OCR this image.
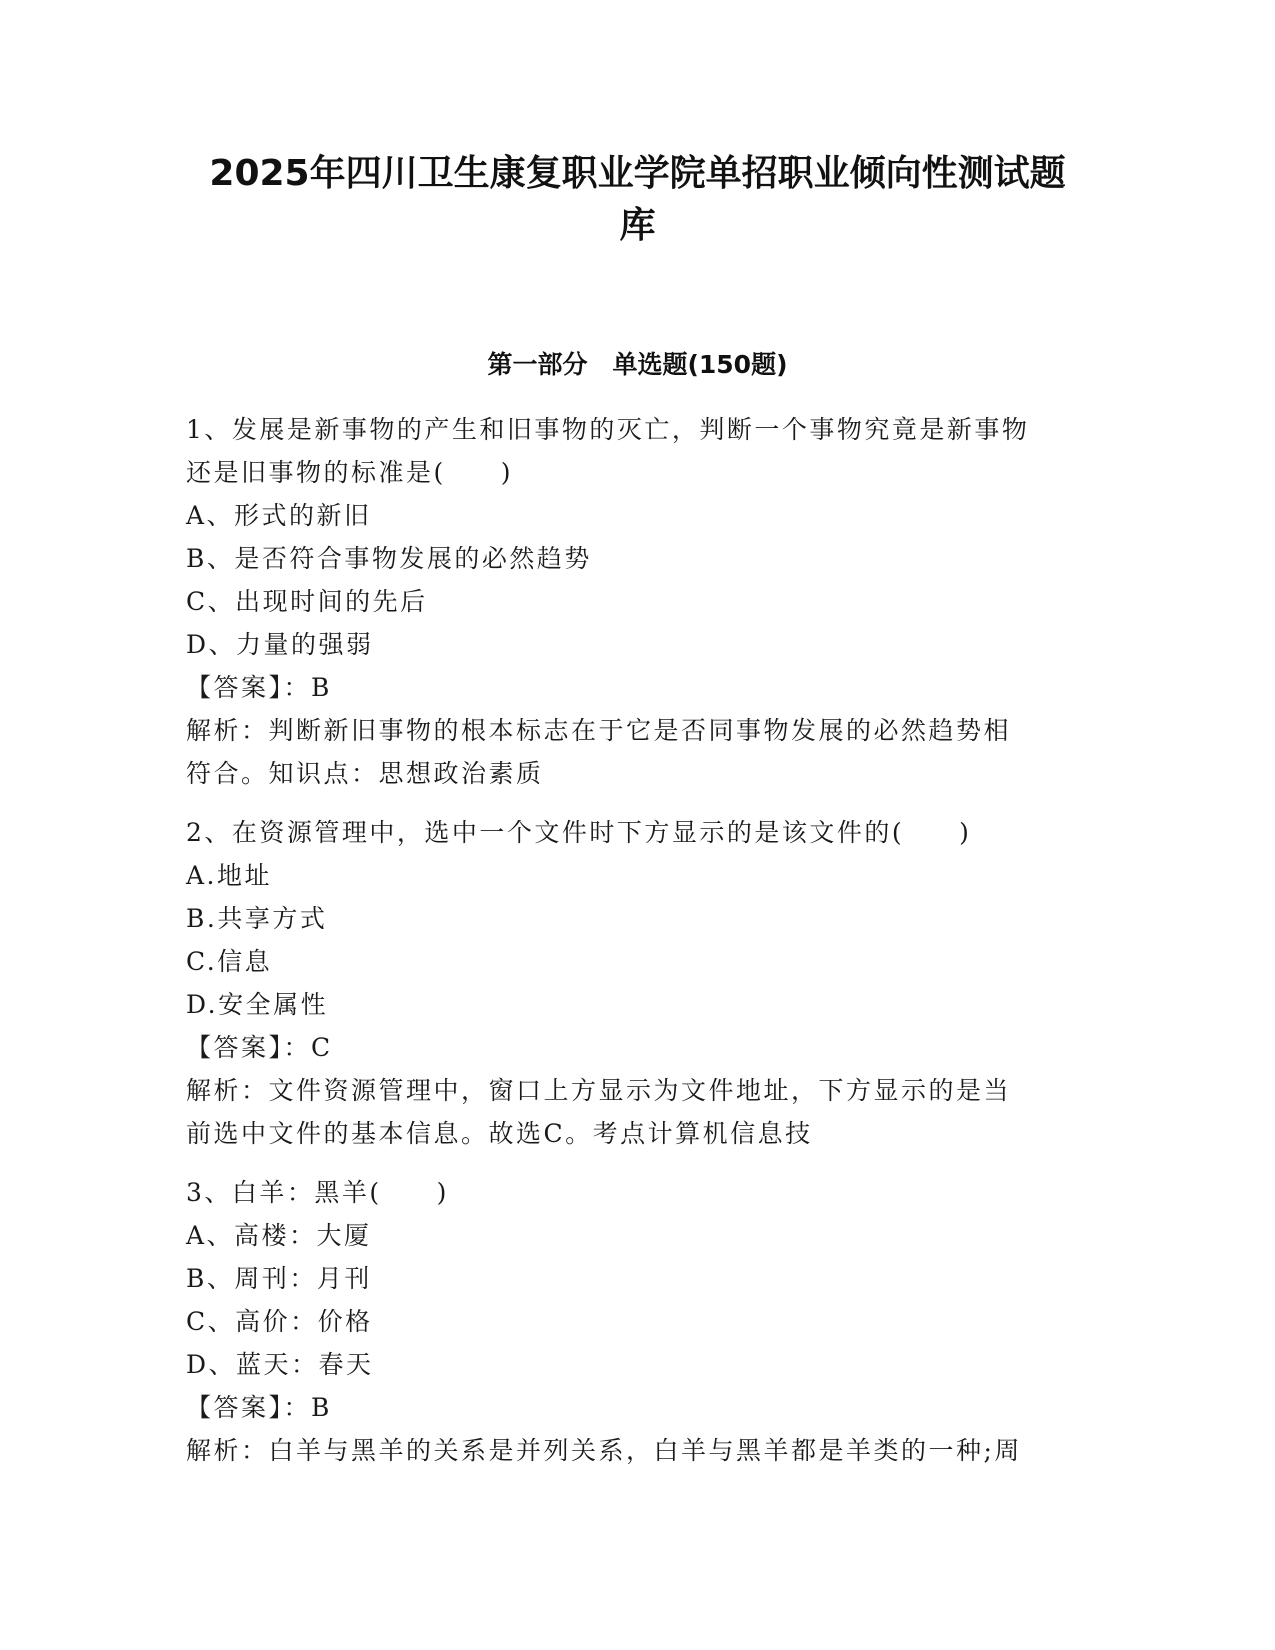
2025年四川卫生康复职业学院单招职业倾向性测试题
库
第一部分　单选题(150题)
1、发展是新事物的产生和旧事物的灭亡，判断一个事物究竟是新事物
还是旧事物的标准是(　　)
A、形式的新旧
B、是否符合事物发展的必然趋势
C、出现时间的先后
D、力量的强弱
【答案】：B
解析：判断新旧事物的根本标志在于它是否同事物发展的必然趋势相
符合。知识点：思想政治素质
2、在资源管理中，选中一个文件时下方显示的是该文件的(　　)
A.地址
B.共享方式
C.信息
D.安全属性
【答案】：C
解析：文件资源管理中，窗口上方显示为文件地址，下方显示的是当
前选中文件的基本信息。故选C。考点计算机信息技
3、白羊：黑羊(　　)
A、高楼：大厦
B、周刊：月刊
C、高价：价格
D、蓝天：春天
【答案】：B
解析：白羊与黑羊的关系是并列关系，白羊与黑羊都是羊类的一种;周
